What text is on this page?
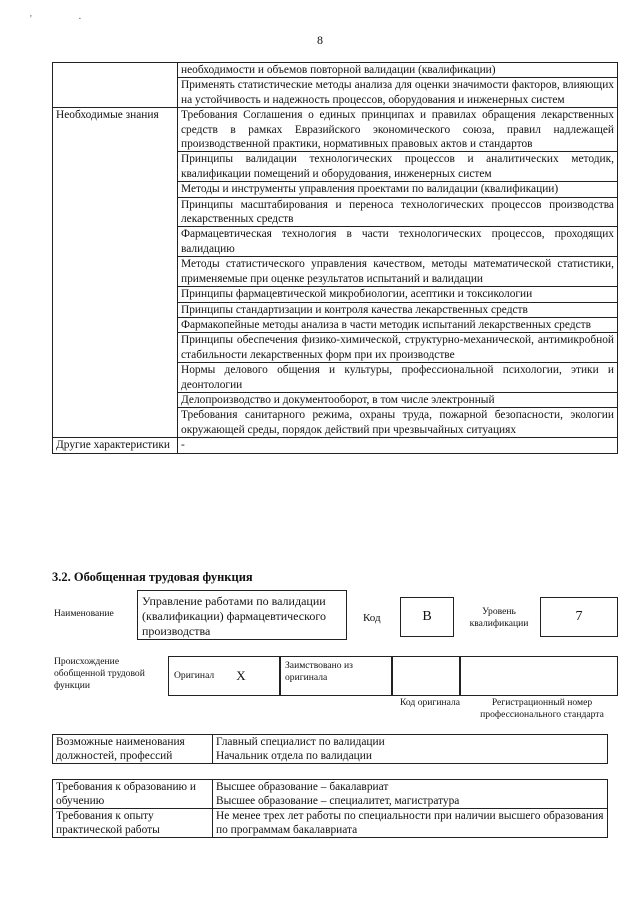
' ·
8
	необходимости и объемов повторной валидации (квалификации)
	Применять статистические методы анализа для оценки значимости факторов, влияющих на устойчивость и надежность процессов, оборудования и инженерных систем
Необходимые знания	Требования Соглашения о единых принципах и правилах обращения лекарственных средств в рамках Евразийского экономического союза, правил надлежащей производственной практики, нормативных правовых актов и стандартов
	Принципы валидации технологических процессов и аналитических методик, квалификации помещений и оборудования, инженерных систем
	Методы и инструменты управления проектами по валидации (квалификации)
	Принципы масштабирования и переноса технологических процессов производства лекарственных средств
	Фармацевтическая технология в части технологических процессов, проходящих валидацию
	Методы статистического управления качеством, методы математической статистики, применяемые при оценке результатов испытаний и валидации
	Принципы фармацевтической микробиологии, асептики и токсикологии
	Принципы стандартизации и контроля качества лекарственных средств
	Фармакопейные методы анализа в части методик испытаний лекарственных средств
	Принципы обеспечения физико-химической, структурно-механической, антимикробной стабильности лекарственных форм при их производстве
	Нормы делового общения и культуры, профессиональной психологии, этики и деонтологии
	Делопроизводство и документооборот, в том числе электронный
	Требования санитарного режима, охраны труда, пожарной безопасности, экологии окружающей среды, порядок действий при чрезвычайных ситуациях
Другие характеристики	-
3.2. Обобщенная трудовая функция
Наименование
Управление работами по валидации (квалификации) фармацевтического производства
Код	B	Уровень квалификации	7
Происхождение обобщенной трудовой функции
Оригинал X
Заимствовано из оригинала
Код оригинала	Регистрационный номер профессионального стандарта
Возможные наименования должностей, профессий	
Главный специалист по валидации
Начальник отдела по валидации
Требования к образованию и обучению	Высшее образование – бакалавриат
Высшее образование – специалитет, магистратура

Требования к опыту практической работы	Не менее трех лет работы по специальности при наличии высшего образования по программам бакалавриата
